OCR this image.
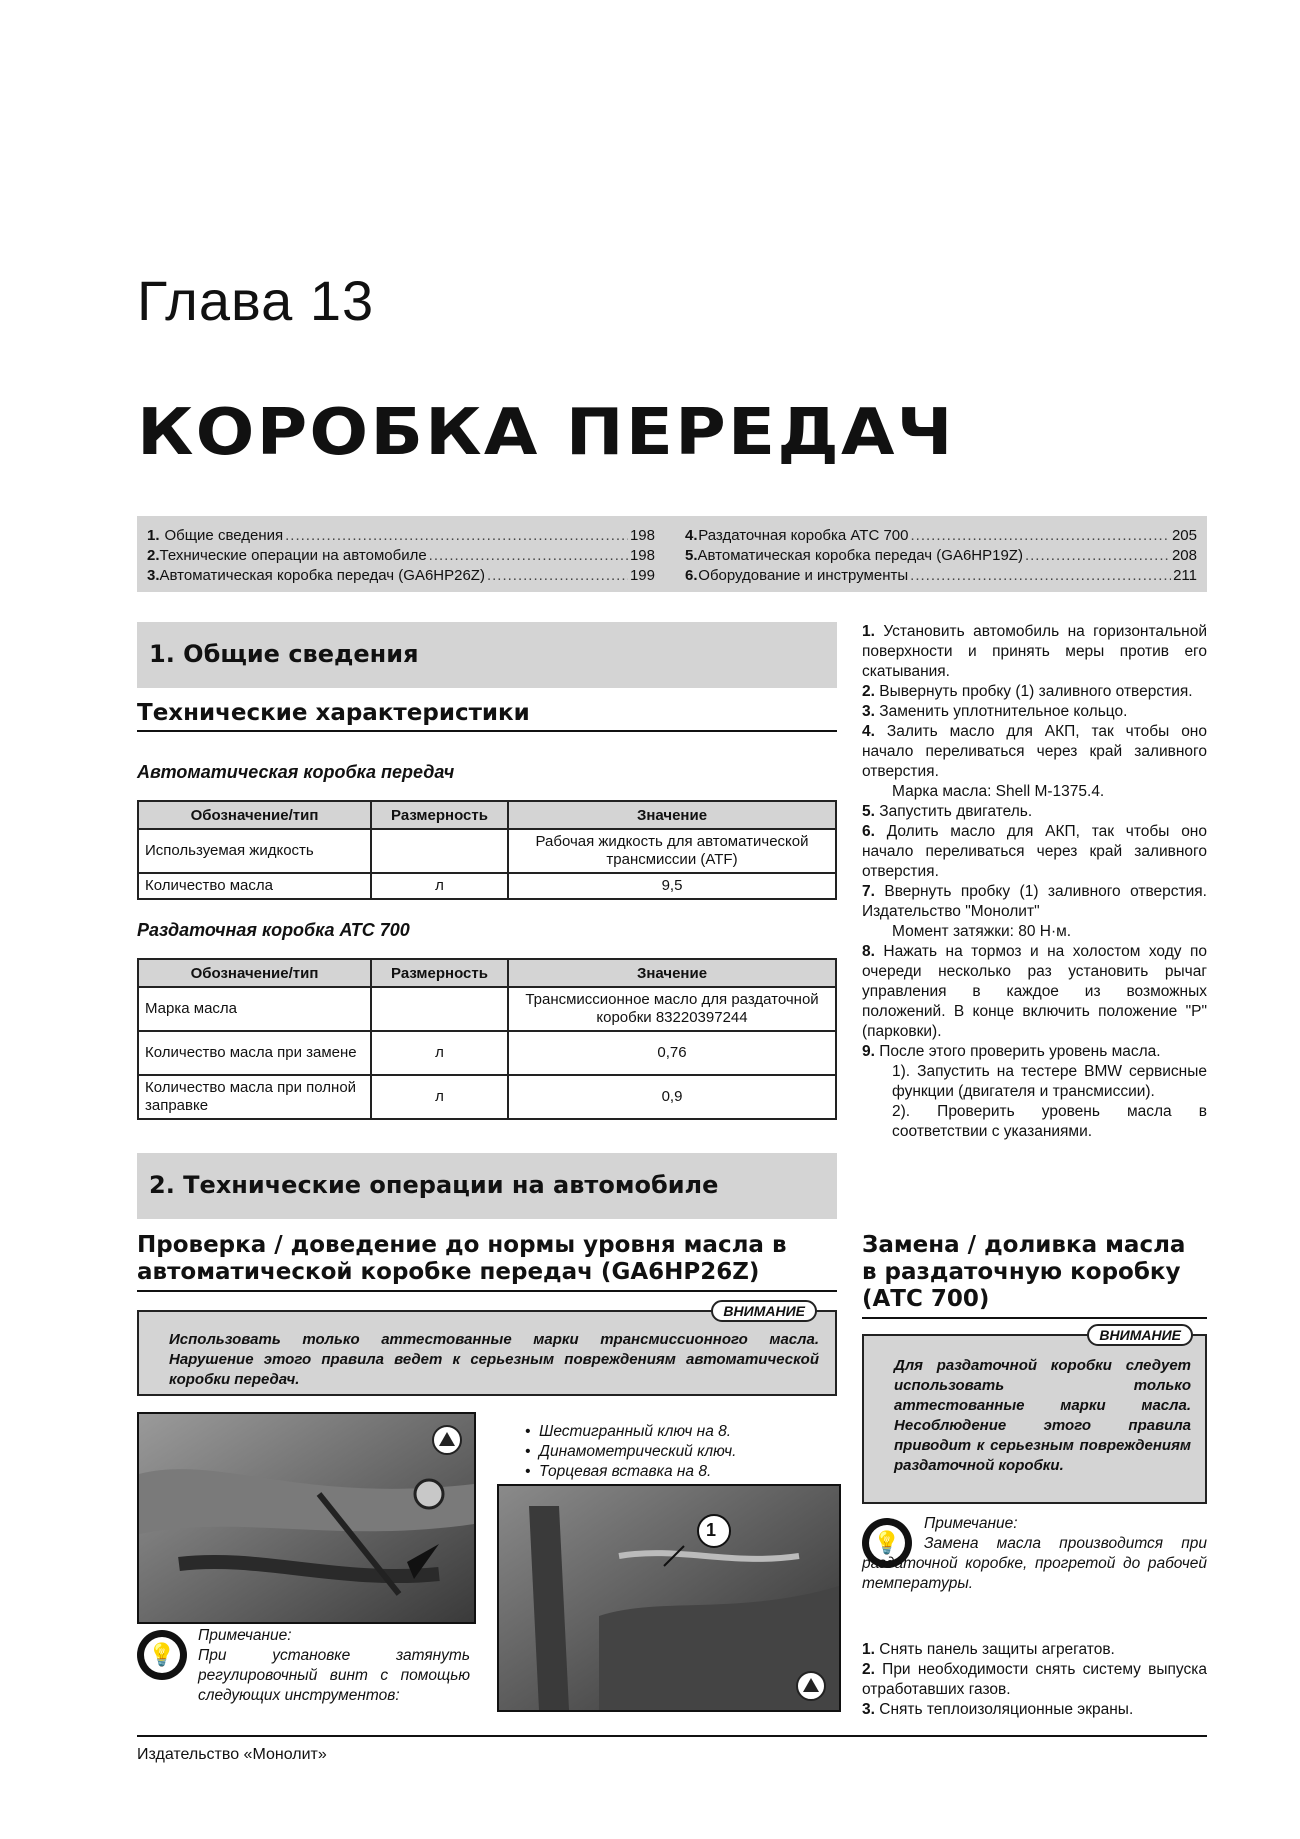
Глава 13
КОРОБКА ПЕРЕДАЧ
1. Общие сведения .....	198
2. Технические операции на автомобиле .....	198
3. Автоматическая коробка передач (GA6HP26Z) .....	199
4. Раздаточная коробка ATC 700 .....	205
5. Автоматическая коробка передач (GA6HP19Z) .....	208
6. Оборудование и инструменты .....	211
1. Общие сведения
Технические характеристики
Автоматическая коробка передач
Обозначение/тип	Размерность	Значение
Используемая жидкость		Рабочая жидкость для автоматической трансмиссии (ATF)
Количество масла	л	9,5
Раздаточная коробка АТС 700
Обозначение/тип	Размерность	Значение
Марка масла		Трансмиссионное масло для раздаточной коробки 83220397244
Количество масла при замене	л	0,76
Количество масла при полной заправке	л	0,9
2. Технические операции на автомобиле
Проверка / доведение до нормы уровня масла в автоматической коробке передач (GA6HP26Z)
ВНИМАНИЕ
Использовать только аттестованные марки трансмиссионного масла. Нарушение этого правила ведет к серьезным повреждениям автоматической коробки передач.
•  Шестигранный ключ на 8.
•  Динамометрический ключ.
•  Торцевая вставка на 8.
1
💡
Примечание:
При установке затянуть регулировочный винт с помощью следующих инструментов:

1. Установить автомобиль на горизонтальной поверхности и принять меры против его скатывания.

2. Вывернуть пробку (1) заливного отверстия.

3. Заменить уплотнительное кольцо.

4. Залить масло для АКП, так чтобы оно начало переливаться через край заливного отверстия.

Марка масла: Shell M-1375.4.

5. Запустить двигатель.

6. Долить масло для АКП, так чтобы оно начало переливаться через край заливного отверстия.

7. Ввернуть пробку (1) заливного отверстия. Издательство "Монолит"

Момент затяжки: 80 Н·м.

8. Нажать на тормоз и на холостом ходу по очереди несколько раз установить рычаг управления в каждое из возможных положений. В конце включить положение "Р" (парковки).

9. После этого проверить уровень масла.

1). Запустить на тестере BMW сервисные функции (двигателя и трансмиссии).

2). Проверить уровень масла в соответствии с указаниями.

Замена / доливка масла в раздаточную коробку (АТС 700)
ВНИМАНИЕ
Для раздаточной коробки следует использовать только аттестованные марки масла. Несоблюдение этого правила приводит к серьезным повреждениям раздаточной коробки.
💡
Примечание:
Замена масла производится при раздаточной коробке, прогретой до рабочей температуры.

1. Снять панель защиты агрегатов.

2. При необходимости снять систему выпуска отработавших газов.

3. Снять теплоизоляционные экраны.

Издательство «Монолит»
